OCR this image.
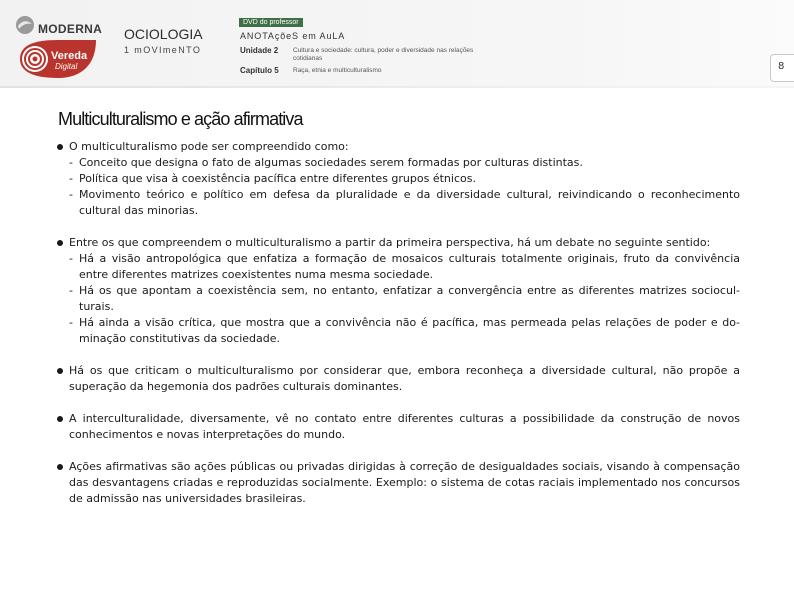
MODERNA
Vereda
Digital
OCIOLOGIA
1 mOVImeNTO
DVD do professor
ANOTAçõeS em AuLA
Unidade 2 Cultura e sociedade: cultura, poder e diversidade nas relações cotidianas
Capítulo 5 Raça, etnia e multiculturalismo	8
Multiculturalismo e ação afirmativa
O multiculturalismo pode ser compreendido como:
- Conceito que designa o fato de algumas sociedades serem formadas por culturas distintas.
- Política que visa à coexistência pacífica entre diferentes grupos étnicos.
- Movimento teórico e político em defesa da pluralidade e da diversidade cultural, reivindicando o reconhecimento cultural das minorias.
Entre os que compreendem o multiculturalismo a partir da primeira perspectiva, há um debate no seguinte sentido:
- Há a visão antropológica que enfatiza a formação de mosaicos culturais totalmente originais, fruto da convivência entre diferentes matrizes coexistentes numa mesma sociedade.
- Há os que apontam a coexistência sem, no entanto, enfatizar a convergência entre as diferentes matrizes socioculturais.
- Há ainda a visão crítica, que mostra que a convivência não é pacífica, mas permeada pelas relações de poder e dominação constitutivas da sociedade.
Há os que criticam o multiculturalismo por considerar que, embora reconheça a diversidade cultural, não propõe a superação da hegemonia dos padrões culturais dominantes.
A interculturalidade, diversamente, vê no contato entre diferentes culturas a possibilidade da construção de novos conhecimentos e novas interpretações do mundo.
Ações afirmativas são ações públicas ou privadas dirigidas à correção de desigualdades sociais, visando à compensação das desvantagens criadas e reproduzidas socialmente. Exemplo: o sistema de cotas raciais implementado nos concursos de admissão nas universidades brasileiras.
